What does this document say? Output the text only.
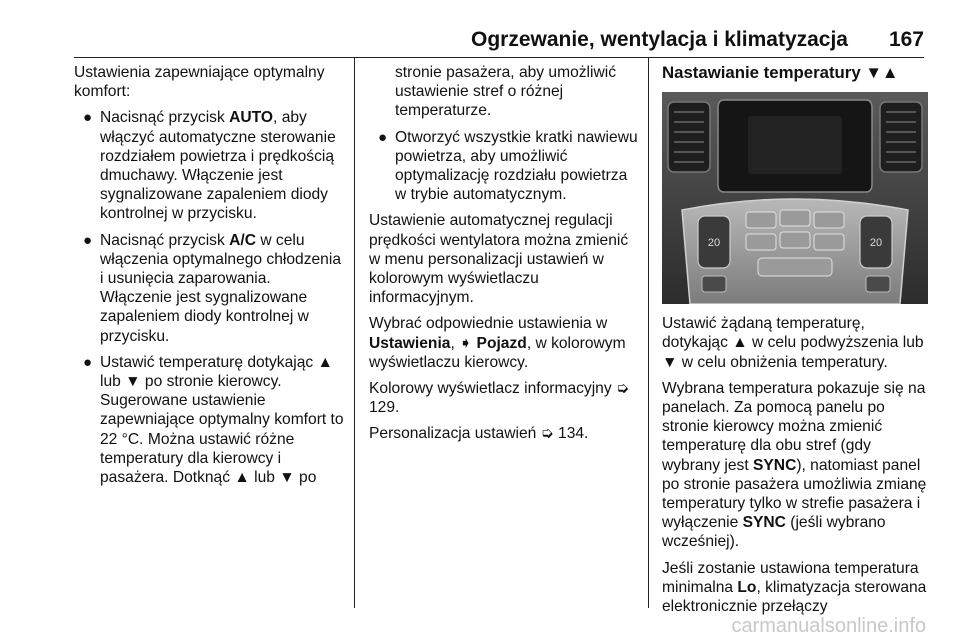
Ogrzewanie, wentylacja i klimatyzacja 167

Ustawienia zapewniające optymalny komfort:

● Nacisnąć przycisk AUTO, aby włączyć automatyczne sterowanie rozdziałem powietrza i prędkością dmuchawy. Włączenie jest sygnalizowane zapaleniem diody kontrolnej w przycisku.
● Nacisnąć przycisk A/C w celu włączenia optymalnego chłodzenia i usunięcia zaparowania. Włączenie jest sygnalizowane zapaleniem diody kontrolnej w przycisku.
● Ustawić temperaturę dotykając ▲ lub ▼ po stronie kierowcy. Sugerowane ustawienie zapewniające optymalny komfort to 22 °C. Można ustawić różne temperatury dla kierowcy i pasażera. Dotknąć ▲ lub ▼ po
stronie pasażera, aby umożliwić ustawienie stref o różnej temperaturze.
● Otworzyć wszystkie kratki nawiewu powietrza, aby umożliwić optymalizację rozdziału powietrza w trybie automatycznym.

Ustawienie automatycznej regulacji prędkości wentylatora można zmienić w menu personalizacji ustawień w kolorowym wyświetlaczu informacyjnym.

Wybrać odpowiednie ustawienia w Ustawienia, ➧ Pojazd, w kolorowym wyświetlaczu kierowcy.

Kolorowy wyświetlacz informacyjny ➭ 129.

Personalizacja ustawień ➭ 134.

Nastawianie temperatury ▼▲
20	20

Ustawić żądaną temperaturę, dotykając ▲ w celu podwyższenia lub ▼ w celu obniżenia temperatury.

Wybrana temperatura pokazuje się na panelach. Za pomocą panelu po stronie kierowcy można zmienić temperaturę dla obu stref (gdy wybrany jest SYNC), natomiast panel po stronie pasażera umożliwia zmianę temperatury tylko w strefie pasażera i wyłączenie SYNC (jeśli wybrano wcześniej).

Jeśli zostanie ustawiona temperatura minimalna Lo, klimatyzacja sterowana elektronicznie przełączy

carmanualsonline.info
